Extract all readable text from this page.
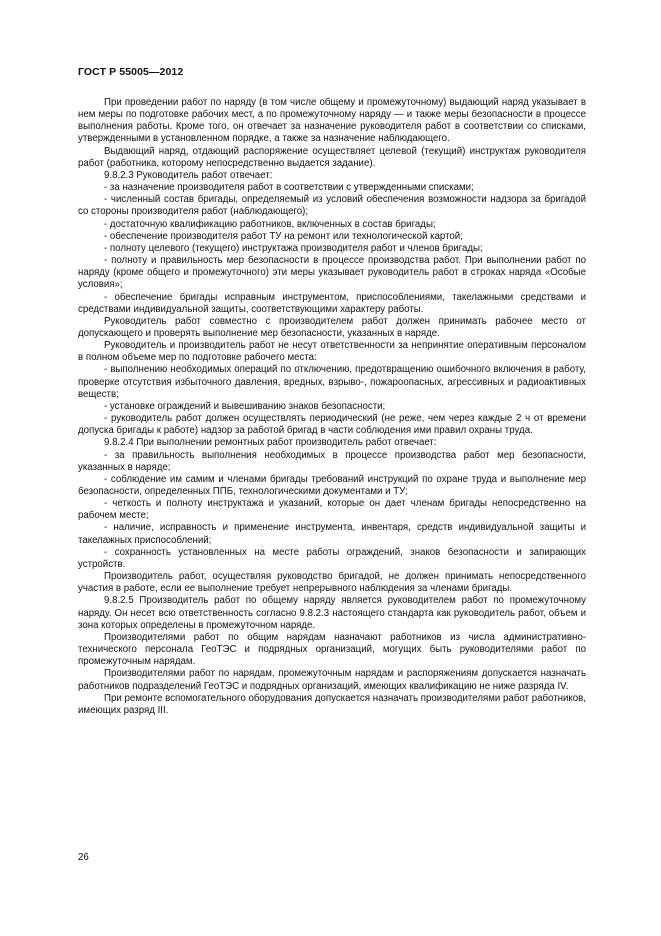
ГОСТ Р 55005—2012

При проведении работ по наряду (в том числе общему и промежуточному) выдающий наряд указывает в нем меры по подготовке рабочих мест, а по промежуточному наряду — и также меры безопасности в процессе выполнения работы. Кроме того, он отвечает за назначение руководителя работ в соответствии со списками, утвержденными в установленном порядке, а также за назначение наблюдающего.

Выдающий наряд, отдающий распоряжение осуществляет целевой (текущий) инструктаж руководителя работ (работника, которому непосредственно выдается задание).

9.8.2.3 Руководитель работ отвечает:

- за назначение производителя работ в соответствии с утвержденными списками;

- численный состав бригады, определяемый из условий обеспечения возможности надзора за бригадой со стороны производителя работ (наблюдающего);

- достаточную квалификацию работников, включенных в состав бригады;

- обеспечение производителя работ ТУ на ремонт или технологической картой;

- полноту целевого (текущего) инструктажа производителя работ и членов бригады;

- полноту и правильность мер безопасности в процессе производства работ. При выполнении работ по наряду (кроме общего и промежуточного) эти меры указывает руководитель работ в строках наряда «Особые условия»;

- обеспечение бригады исправным инструментом, приспособлениями, такелажными средствами и средствами индивидуальной защиты, соответствующими характеру работы.

Руководитель работ совместно с производителем работ должен принимать рабочее место от допускающего и проверять выполнение мер безопасности, указанных в наряде.

Руководитель и производитель работ не несут ответственности за непринятие оперативным персоналом в полном объеме мер по подготовке рабочего места:

- выполнению необходимых операций по отключению, предотвращению ошибочного включения в работу, проверке отсутствия избыточного давления, вредных, взрыво-, пожароопасных, агрессивных и радиоактивных веществ;

- установке ограждений и вывешиванию знаков безопасности;

- руководитель работ должен осуществлять периодический (не реже, чем через каждые 2 ч от времени допуска бригады к работе) надзор за работой бригад в части соблюдения ими правил охраны труда.

9.8.2.4 При выполнении ремонтных работ производитель работ отвечает:

- за правильность выполнения необходимых в процессе производства работ мер безопасности, указанных в наряде;

- соблюдение им самим и членами бригады требований инструкций по охране труда и выполнение мер безопасности, определенных ППБ, технологическими документами и ТУ;

- четкость и полноту инструктажа и указаний, которые он дает членам бригады непосредственно на рабочем месте;

- наличие, исправность и применение инструмента, инвентаря, средств индивидуальной защиты и такелажных приспособлений;

- сохранность установленных на месте работы ограждений, знаков безопасности и запирающих устройств.

Производитель работ, осуществляя руководство бригадой, не должен принимать непосредственного участия в работе, если ее выполнение требует непрерывного наблюдения за членами бригады.

9.8.2.5 Производитель работ по общему наряду является руководителем работ по промежуточному наряду. Он несет всю ответственность согласно 9.8.2.3 настоящего стандарта как руководитель работ, объем и зона которых определены в промежуточном наряде.

Производителями работ по общим нарядам назначают работников из числа административно-технического персонала ГеоТЭС и подрядных организаций, могущих быть руководителями работ по промежуточным нарядам.

Производителями работ по нарядам, промежуточным нарядам и распоряжениям допускается назначать работников подразделений ГеоТЭС и подрядных организаций, имеющих квалификацию не ниже разряда IV.

При ремонте вспомогательного оборудования допускается назначать производителями работ работников, имеющих разряд III.

26
